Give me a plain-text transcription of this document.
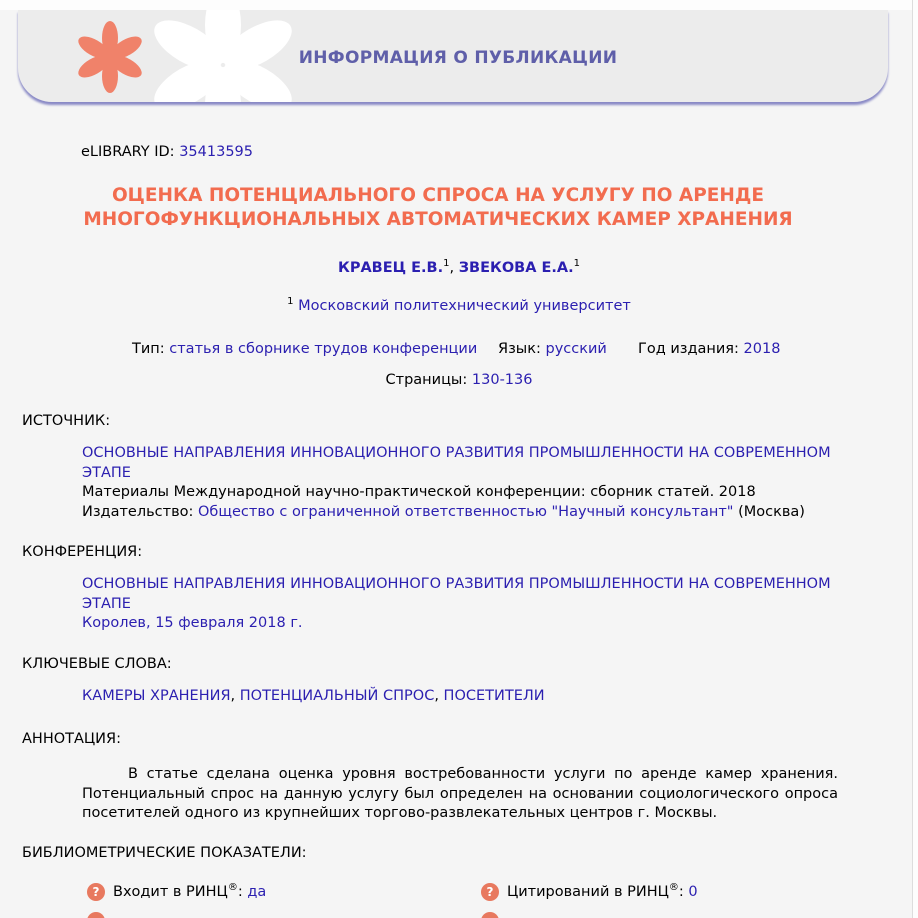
ИНФОРМАЦИЯ О ПУБЛИКАЦИИ
eLIBRARY ID: 35413595
ОЦЕНКА ПОТЕНЦИАЛЬНОГО СПРОСА НА УСЛУГУ ПО АРЕНДЕ
МНОГОФУНКЦИОНАЛЬНЫХ АВТОМАТИЧЕСКИХ КАМЕР ХРАНЕНИЯ
КРАВЕЦ Е.В.$^1$, ЗВЕКОВА Е.А.$^1$
$^1$ Московский политехнический университет
Тип: статья в сборнике трудов конференции Язык: русский Год издания: 2018
Страницы: 130-136
ИСТОЧНИК:
ОСНОВНЫЕ НАПРАВЛЕНИЯ ИННОВАЦИОННОГО РАЗВИТИЯ ПРОМЫШЛЕННОСТИ НА СОВРЕМЕННОМ
ЭТАПЕ
Материалы Международной научно-практической конференции: сборник статей. 2018
Издательство: Общество с ограниченной ответственностью "Научный консультант" (Москва)
КОНФЕРЕНЦИЯ:
ОСНОВНЫЕ НАПРАВЛЕНИЯ ИННОВАЦИОННОГО РАЗВИТИЯ ПРОМЫШЛЕННОСТИ НА СОВРЕМЕННОМ
ЭТАПЕ
Королев, 15 февраля 2018 г.
КЛЮЧЕВЫЕ СЛОВА:
КАМЕРЫ ХРАНЕНИЯ, ПОТЕНЦИАЛЬНЫЙ СПРОС, ПОСЕТИТЕЛИ
АННОТАЦИЯ:
В статье сделана оценка уровня востребованности услуги по аренде камер хранения. Потенциальный спрос на данную услугу был определен на основании социологического опроса посетителей одного из крупнейших торгово-развлекательных центров г. Москвы.
БИБЛИОМЕТРИЧЕСКИЕ ПОКАЗАТЕЛИ:
? Входит в РИНЦ®: да	? Цитирований в РИНЦ®: 0
